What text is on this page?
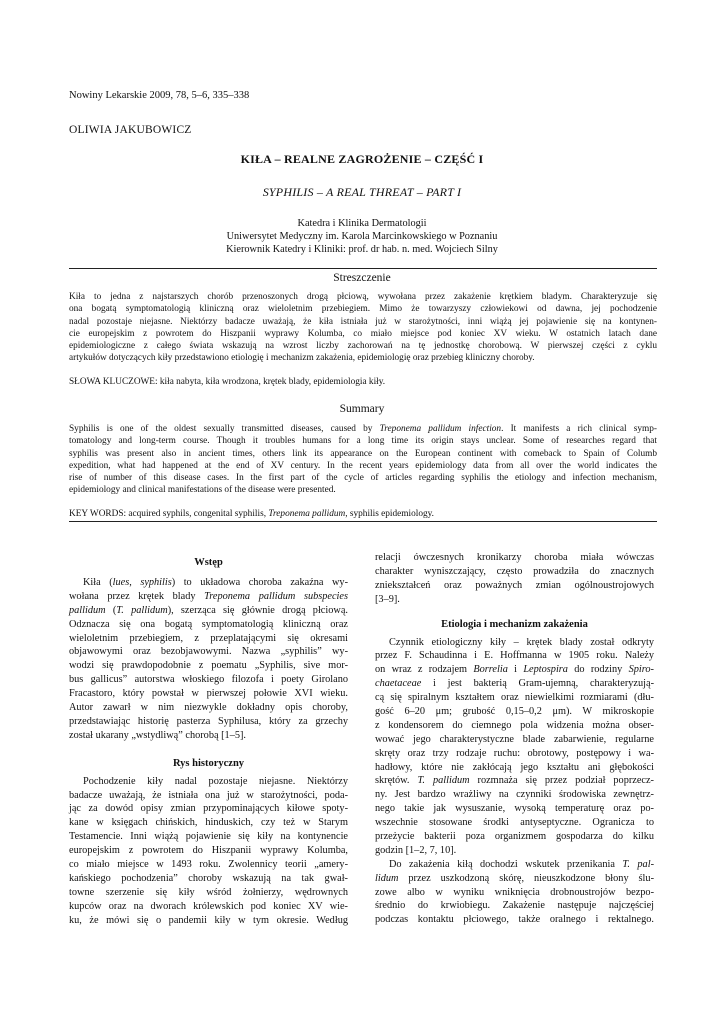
Nowiny Lekarskie 2009, 78, 5–6, 335–338
OLIWIA JAKUBOWICZ
KIŁA – REALNE ZAGROŻENIE – CZĘŚĆ I
SYPHILIS – A REAL THREAT – PART I
Katedra i Klinika Dermatologii
Uniwersytet Medyczny im. Karola Marcinkowskiego w Poznaniu
Kierownik Katedry i Kliniki: prof. dr hab. n. med. Wojciech Silny
Streszczenie
Kiła to jedna z najstarszych chorób przenoszonych drogą płciową, wywołana przez zakażenie krętkiem bladym. Charakteryzuje się
ona bogatą symptomatologią kliniczną oraz wieloletnim przebiegiem. Mimo że towarzyszy człowiekowi od dawna, jej pochodzenie
nadal pozostaje niejasne. Niektórzy badacze uważają, że kiła istniała już w starożytności, inni wiążą jej pojawienie się na kontynen-
cie europejskim z powrotem do Hiszpanii wyprawy Kolumba, co miało miejsce pod koniec XV wieku. W ostatnich latach dane
epidemiologiczne z całego świata wskazują na wzrost liczby zachorowań na tę jednostkę chorobową. W pierwszej części z cyklu
artykułów dotyczących kiły przedstawiono etiologię i mechanizm zakażenia, epidemiologię oraz przebieg kliniczny choroby.
SŁOWA KLUCZOWE: kiła nabyta, kiła wrodzona, krętek blady, epidemiologia kiły.
Summary
Syphilis is one of the oldest sexually transmitted diseases, caused by Treponema pallidum infection. It manifests a rich clinical symp-
tomatology and long-term course. Though it troubles humans for a long time its origin stays unclear. Some of researches regard that
syphilis was present also in ancient times, others link its appearance on the European continent with comeback to Spain of Columb
expedition, what had happened at the end of XV century. In the recent years epidemiology data from all over the world indicates the
rise of number of this disease cases. In the first part of the cycle of articles regarding syphilis the etiology and infection mechanism,
epidemiology and clinical manifestations of the disease were presented.
KEY WORDS: acquired syphils, congenital syphilis, Treponema pallidum, syphilis epidemiology.
Wstęp
Kiła (lues, syphilis) to układowa choroba zakaźna wy-
wołana przez krętek blady Treponema pallidum subspecies
pallidum (T. pallidum), szerząca się głównie drogą płciową.
Odznacza się ona bogatą symptomatologią kliniczną oraz
wieloletnim przebiegiem, z przeplatającymi się okresami
objawowymi oraz bezobjawowymi. Nazwa „syphilis” wy-
wodzi się prawdopodobnie z poematu „Syphilis, sive mor-
bus gallicus” autorstwa włoskiego filozofa i poety Girolano
Fracastoro, który powstał w pierwszej połowie XVI wieku.
Autor zawarł w nim niezwykle dokładny opis choroby,
przedstawiając historię pasterza Syphilusa, który za grzechy
został ukarany „wstydliwą” chorobą [1–5].
Rys historyczny
Pochodzenie kiły nadal pozostaje niejasne. Niektórzy
badacze uważają, że istniała ona już w starożytności, poda-
jąc za dowód opisy zmian przypominających kiłowe spoty-
kane w księgach chińskich, hinduskich, czy też w Starym
Testamencie. Inni wiążą pojawienie się kiły na kontynencie
europejskim z powrotem do Hiszpanii wyprawy Kolumba,
co miało miejsce w 1493 roku. Zwolennicy teorii „amery-
kańskiego pochodzenia” choroby wskazują na tak gwał-
towne szerzenie się kiły wśród żołnierzy, wędrownych
kupców oraz na dworach królewskich pod koniec XV wie-
ku, że mówi się o pandemii kiły w tym okresie. Według
relacji ówczesnych kronikarzy choroba miała wówczas
charakter wyniszczający, często prowadziła do znacznych
zniekształceń oraz poważnych zmian ogólnoustrojowych
[3–9].
Etiologia i mechanizm zakażenia
Czynnik etiologiczny kiły – krętek blady został odkryty
przez F. Schaudinna i E. Hoffmanna w 1905 roku. Należy
on wraz z rodzajem Borrelia i Leptospira do rodziny Spiro-
chaetaceae i jest bakterią Gram-ujemną, charakteryzują-
cą się spiralnym kształtem oraz niewielkimi rozmiarami (dłu-
gość 6–20 μm; grubość 0,15–0,2 μm). W mikroskopie
z kondensorem do ciemnego pola widzenia można obser-
wować jego charakterystyczne blade zabarwienie, regularne
skręty oraz trzy rodzaje ruchu: obrotowy, postępowy i wa-
hadłowy, które nie zakłócają jego kształtu ani głębokości
skrętów. T. pallidum rozmnaża się przez podział poprzecz-
ny. Jest bardzo wrażliwy na czynniki środowiska zewnętrz-
nego takie jak wysuszanie, wysoką temperaturę oraz po-
wszechnie stosowane środki antyseptyczne. Ogranicza to
przeżycie bakterii poza organizmem gospodarza do kilku
godzin [1–2, 7, 10].
Do zakażenia kiłą dochodzi wskutek przenikania T. pal-
lidum przez uszkodzoną skórę, nieuszkodzone błony ślu-
zowe albo w wyniku wniknięcia drobnoustrojów bezpo-
średnio do krwiobiegu. Zakażenie następuje najczęściej
podczas kontaktu płciowego, także oralnego i rektalnego.
